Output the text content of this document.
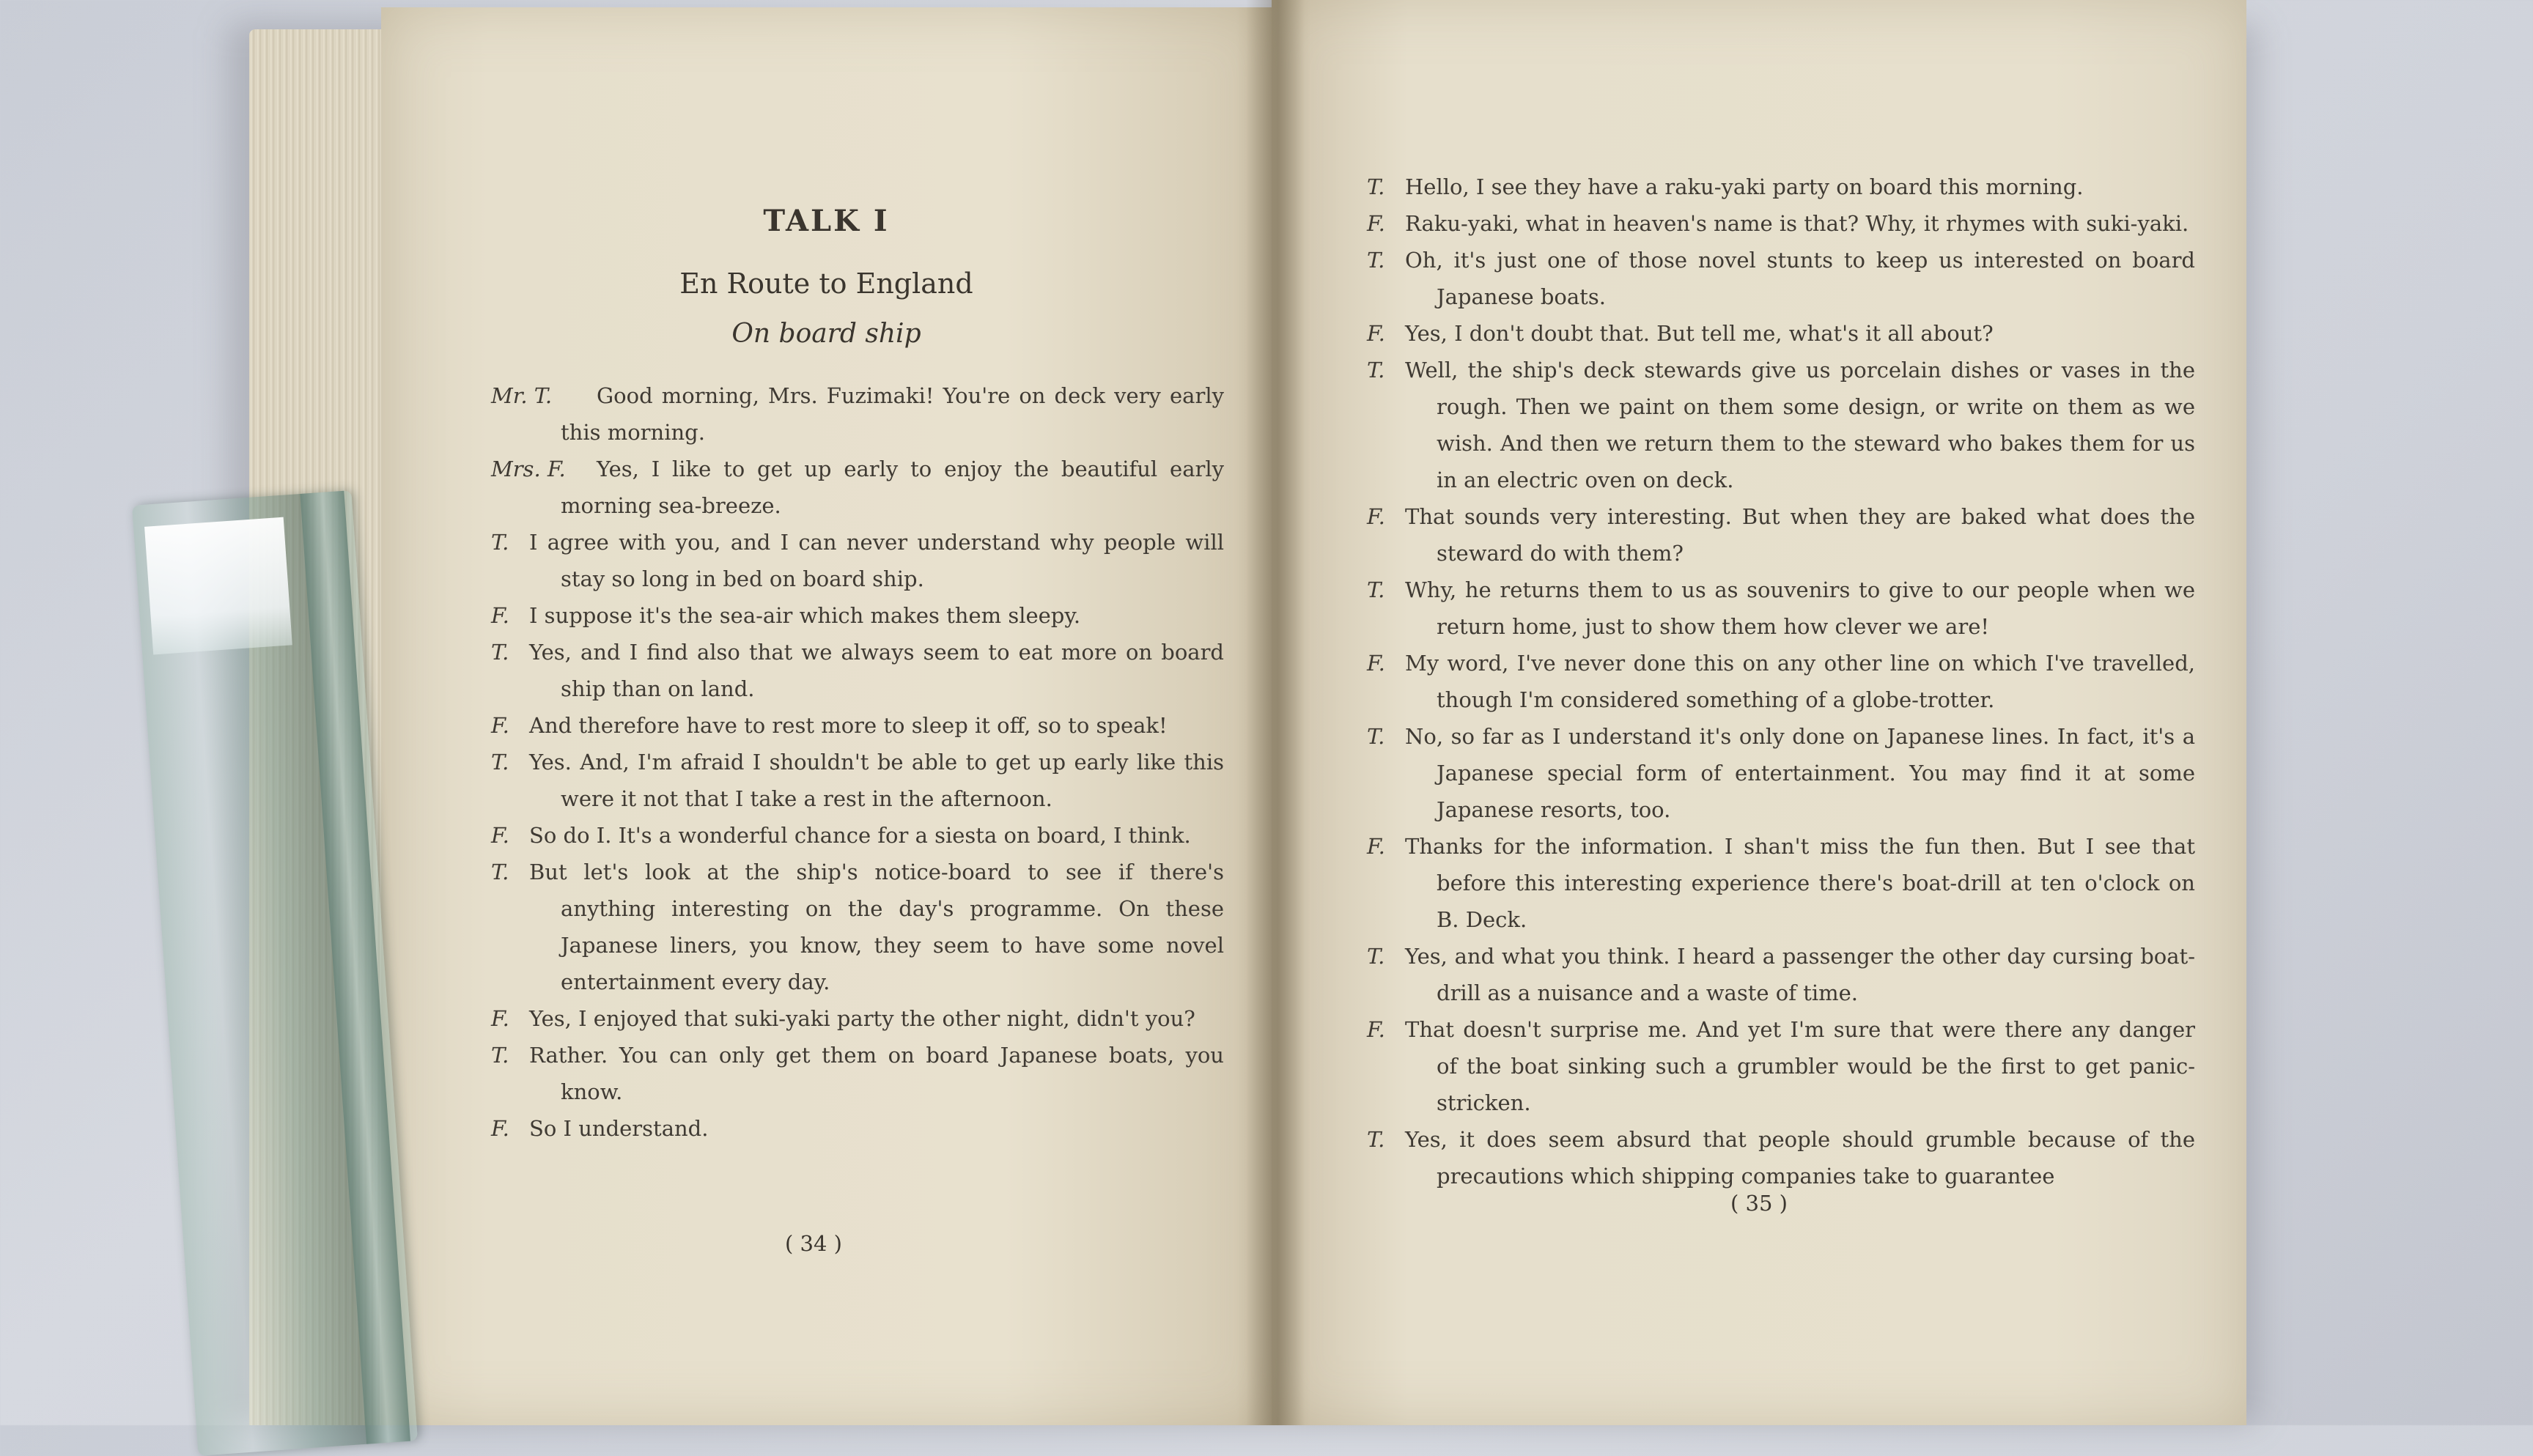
TALK I
En Route to England
On board ship
Mr. T. Good morning, Mrs. Fuzimaki! You're on deck very early this morning.
Mrs. F. Yes, I like to get up early to enjoy the beautiful early morning sea-breeze.
T. I agree with you, and I can never understand why people will stay so long in bed on board ship.
F. I suppose it's the sea-air which makes them sleepy.
T. Yes, and I find also that we always seem to eat more on board ship than on land.
F. And therefore have to rest more to sleep it off, so to speak!
T. Yes. And, I'm afraid I shouldn't be able to get up early like this were it not that I take a rest in the afternoon.
F. So do I. It's a wonderful chance for a siesta on board, I think.
T. But let's look at the ship's notice-board to see if there's anything interesting on the day's programme. On these Japanese liners, you know, they seem to have some novel entertainment every day.
F. Yes, I enjoyed that suki-yaki party the other night, didn't you?
T. Rather. You can only get them on board Japanese boats, you know.
F. So I understand.
( 34 )
T. Hello, I see they have a raku-yaki party on board this morning.
F. Raku-yaki, what in heaven's name is that? Why, it rhymes with suki-yaki.
T. Oh, it's just one of those novel stunts to keep us interested on board Japanese boats.
F. Yes, I don't doubt that. But tell me, what's it all about?
T. Well, the ship's deck stewards give us porcelain dishes or vases in the rough. Then we paint on them some design, or write on them as we wish. And then we return them to the steward who bakes them for us in an electric oven on deck.
F. That sounds very interesting. But when they are baked what does the steward do with them?
T. Why, he returns them to us as souvenirs to give to our people when we return home, just to show them how clever we are!
F. My word, I've never done this on any other line on which I've travelled, though I'm considered something of a globe-trotter.
T. No, so far as I understand it's only done on Japanese lines. In fact, it's a Japanese special form of entertainment. You may find it at some Japanese resorts, too.
F. Thanks for the information. I shan't miss the fun then. But I see that before this interesting experience there's boat-drill at ten o'clock on B. Deck.
T. Yes, and what you think. I heard a passenger the other day cursing boat-drill as a nuisance and a waste of time.
F. That doesn't surprise me. And yet I'm sure that were there any danger of the boat sinking such a grumbler would be the first to get panic-stricken.
T. Yes, it does seem absurd that people should grumble because of the precautions which shipping companies take to guarantee
( 35 )
